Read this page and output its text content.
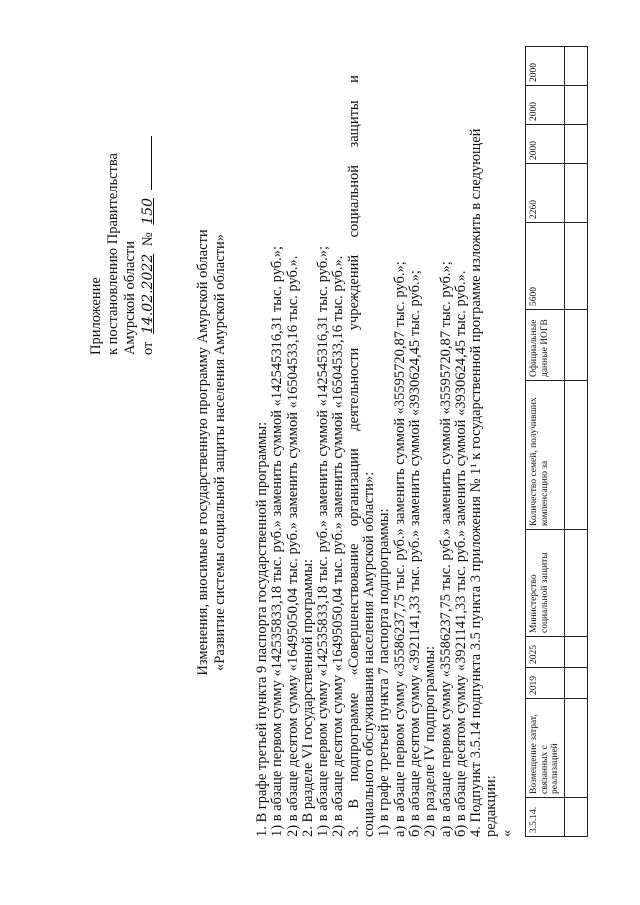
Приложение к постановлению Правительства Амурской области от 14.02.2022 № 150
Изменения, вносимые в государственную программу Амурской области «Развитие системы социальной защиты населения Амурской области» 1. В графе третьей пункта 9 паспорта государственной программы: 1) в абзаце первом сумму «142535833,18 тыс. руб.» заменить суммой «142545316,31 тыс. руб.»; 2) в абзаце десятом сумму «16495050,04 тыс. руб.» заменить суммой «16504533,16 тыс. руб.». 2. В разделе VI государственной программы: 1) в абзаце первом сумму «142535833,18 тыс. руб.» заменить суммой «142545316,31 тыс. руб.»; 2) в абзаце десятом сумму «16495050,04 тыс. руб.» заменить суммой «16504533,16 тыс. руб.». 3.
В
подпрограмме
«Совершенствование
организации
деятельности
учреждений
социальной
защиты
и
социального обслуживания населения Амурской области»: 1) в графе третьей пункта 7 паспорта подпрограммы: а) в абзаце первом сумму «35586237,75 тыс. руб.» заменить суммой «35595720,87 тыс. руб.»; б) в абзаце десятом сумму «3921141,33 тыс. руб.» заменить суммой «3930624,45 тыс. руб.»; 2) в разделе IV подпрограммы: а) в абзаце первом сумму «35586237,75 тыс. руб.» заменить суммой «35595720,87 тыс. руб.»; б) в абзаце десятом сумму «3921141,33 тыс. руб.» заменить суммой «3930624,45 тыс. руб.». 4. Подпункт 3.5.14 подпункта 3.5 пункта 3 приложения № 1¹ к государственной программе изложить в следующей редакции: «
3.5.14.	Возмещение затрат, связанных с реализацией	2019	2025	Министерство социальной защиты	Количество семей, получивших компенсацию за	Официальные данные ИОГВ	5600	2260	2000	2000	2000
